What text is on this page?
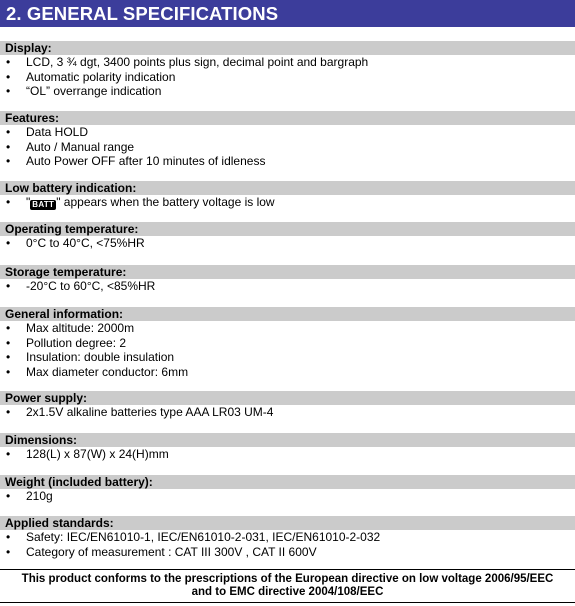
2. GENERAL SPECIFICATIONS
Display:
• LCD, 3 ¾ dgt, 3400 points plus sign, decimal point and bargraph
• Automatic polarity indication
• “OL” overrange indication
Features:
• Data HOLD
• Auto / Manual range
• Auto Power OFF after 10 minutes of idleness
Low battery indication:
• " BATT " appears when the battery voltage is low
Operating temperature:
• 0°C to 40°C, <75%HR
Storage temperature:
• -20°C to 60°C, <85%HR
General information:
• Max altitude: 2000m
• Pollution degree: 2
• Insulation: double insulation
• Max diameter conductor: 6mm
Power supply:
• 2x1.5V alkaline batteries type AAA LR03 UM-4
Dimensions:
• 128(L) x 87(W) x 24(H)mm
Weight (included battery):
• 210g
Applied standards:
• Safety: IEC/EN61010-1, IEC/EN61010-2-031, IEC/EN61010-2-032
• Category of measurement : CAT III 300V , CAT II 600V
This product conforms to the prescriptions of the European directive on low voltage 2006/95/EEC
and to EMC directive 2004/108/EEC
